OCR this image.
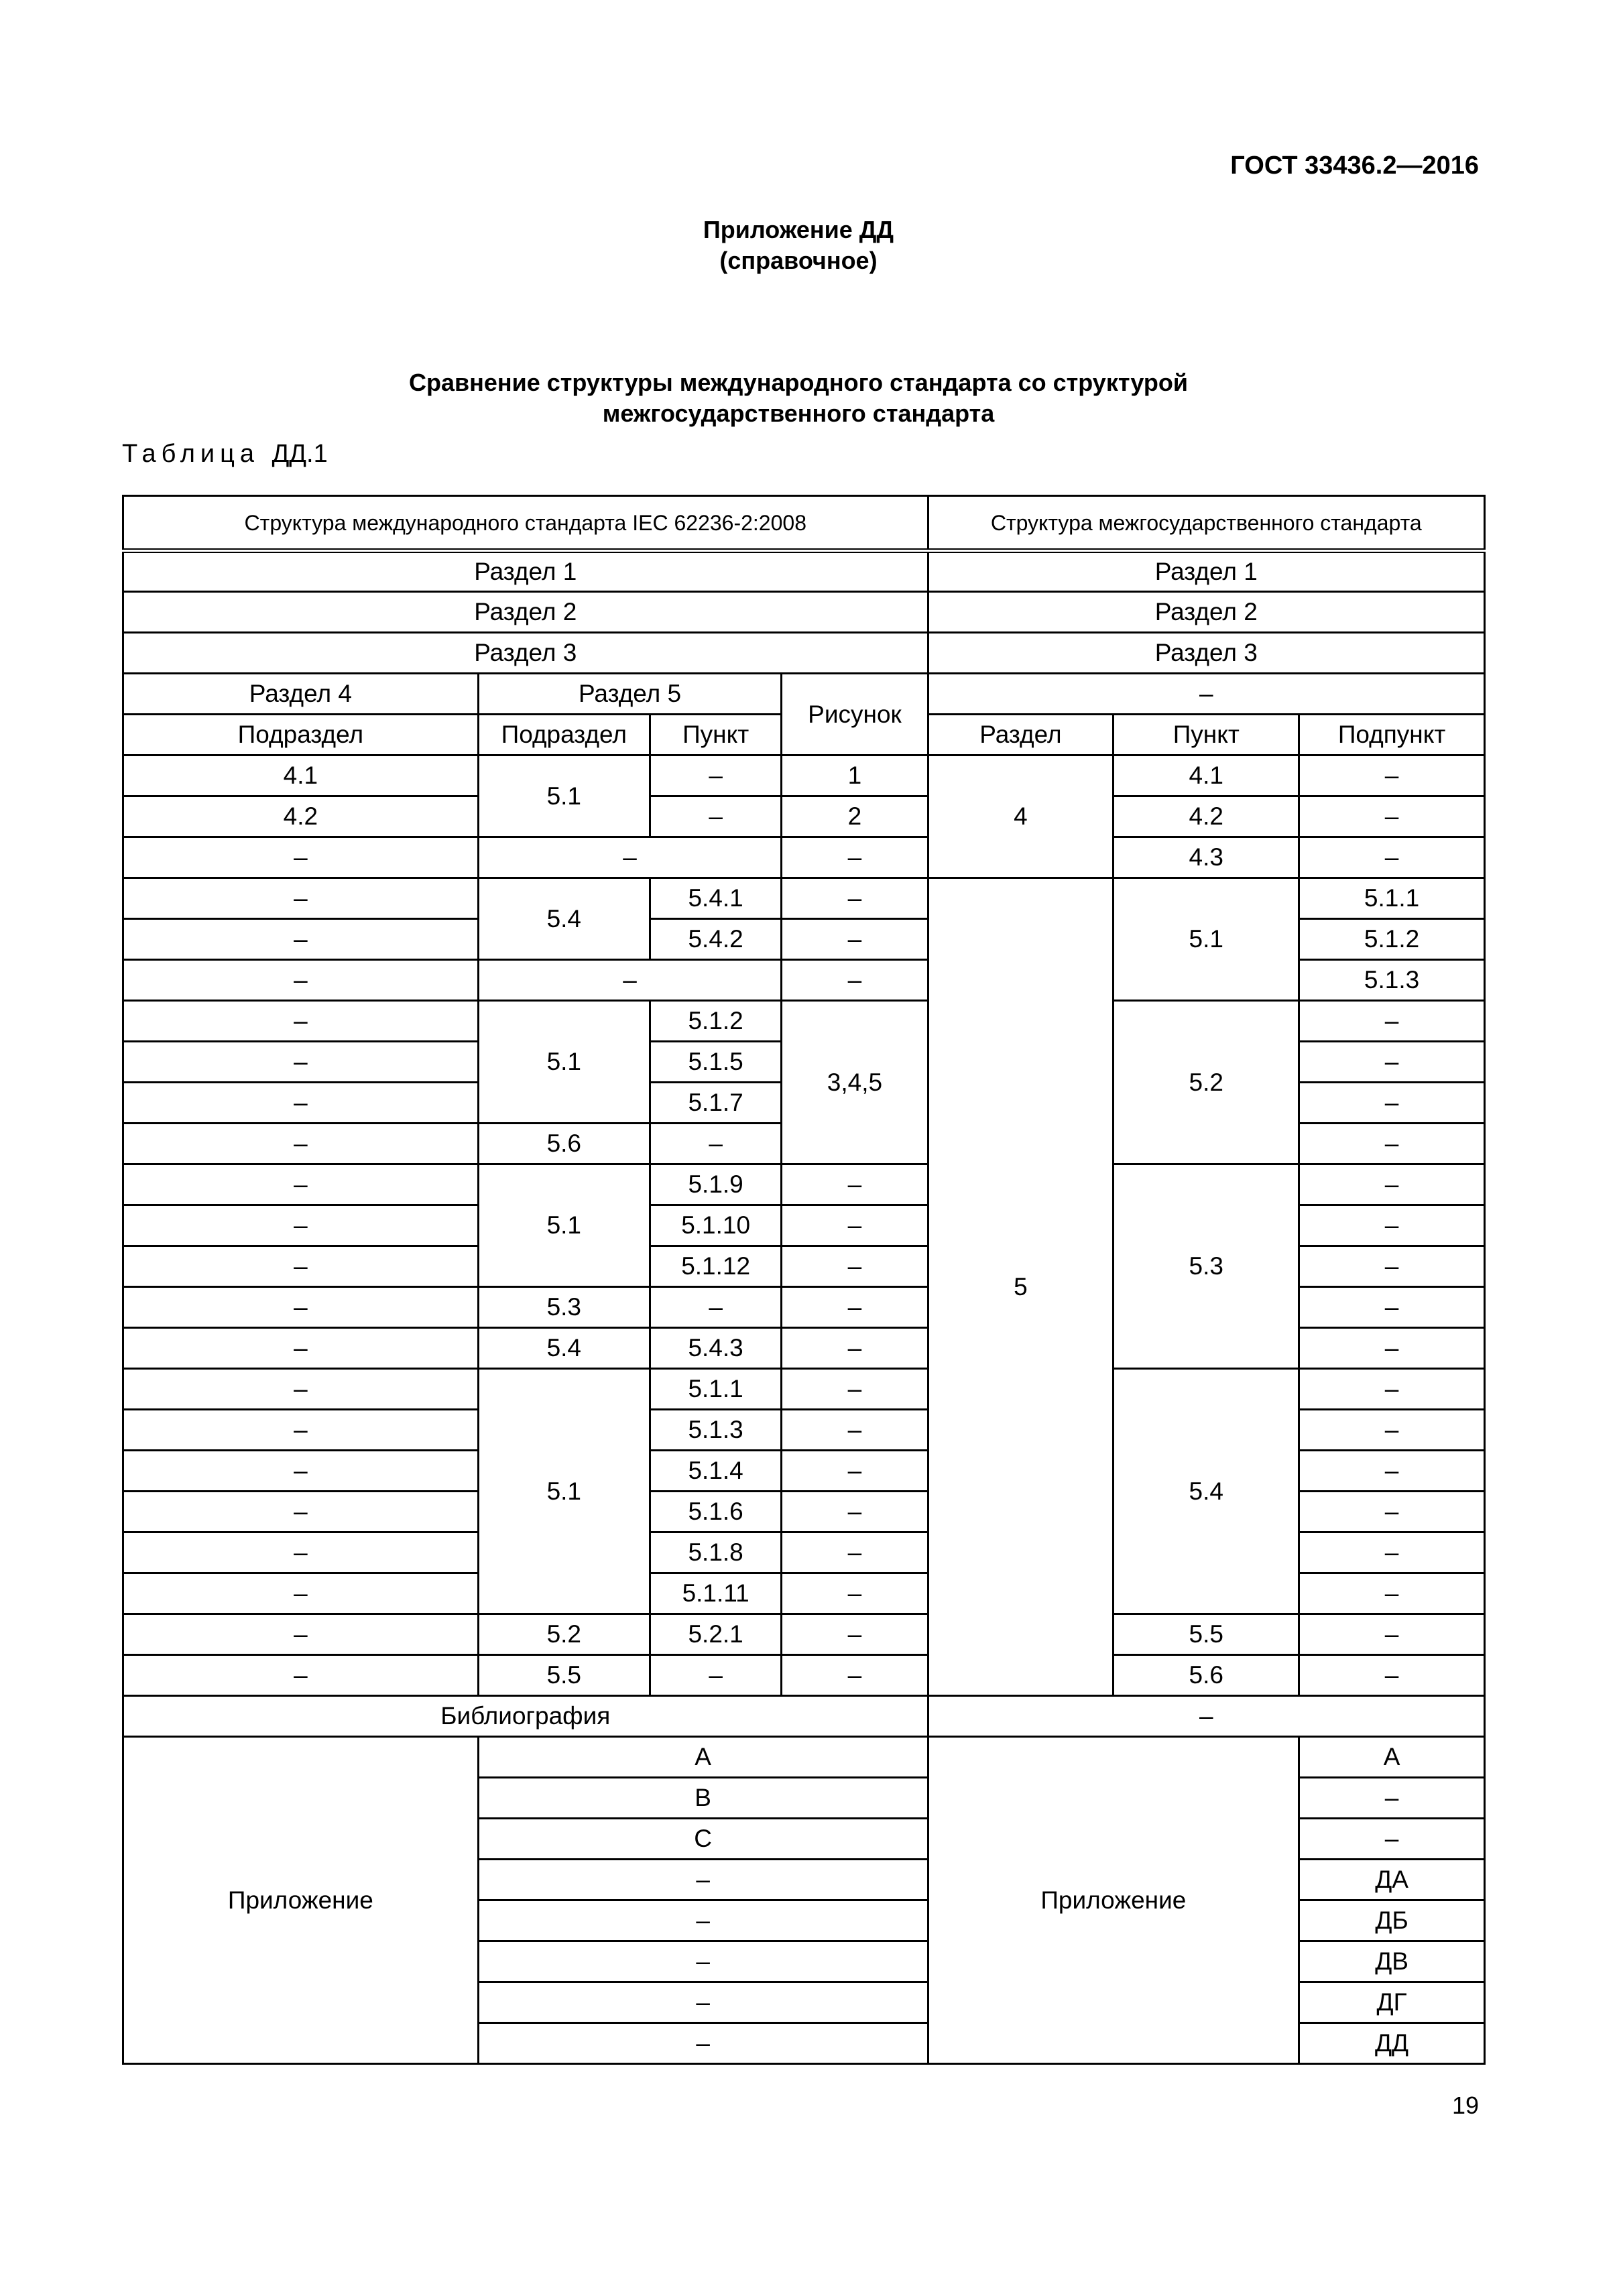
ГОСТ 33436.2—2016
Приложение ДД
(справочное)
Сравнение структуры международного стандарта со структурой
межгосударственного стандарта
Таблица ДД.1
Структура международного стандарта IEC 62236-2:2008				Структура межгосударственного стандарта		
Раздел 1				Раздел 1		
Раздел 2				Раздел 2		
Раздел 3				Раздел 3		
Раздел 4	Раздел 5		Рисунок	–		
Подраздел	Подраздел	Пункт		Раздел	Пункт	Подпункт
4.1	5.1	–	1	4	4.1	–
4.2		–	2		4.2	–
–	–		–		4.3	–
–	5.4	5.4.1	–	5	5.1	5.1.1
–		5.4.2	–			5.1.2
–	–		–			5.1.3
–	5.1	5.1.2	3,4,5		5.2	–
–		5.1.5				–
–		5.1.7				–
–	5.6	–				–
–	5.1	5.1.9	–		5.3	–
–		5.1.10	–			–
–		5.1.12	–			–
–	5.3	–	–			–
–	5.4	5.4.3	–			–
–	5.1	5.1.1	–		5.4	–
–		5.1.3	–			–
–		5.1.4	–			–
–		5.1.6	–			–
–		5.1.8	–			–
–		5.1.11	–			–
–	5.2	5.2.1	–		5.5	–
–	5.5	–	–		5.6	–
Библиография				–		
Приложение	A			Приложение		А
	B					–
	C					–
	–					ДА
	–					ДБ
	–					ДВ
	–					ДГ
	–					ДД
19
